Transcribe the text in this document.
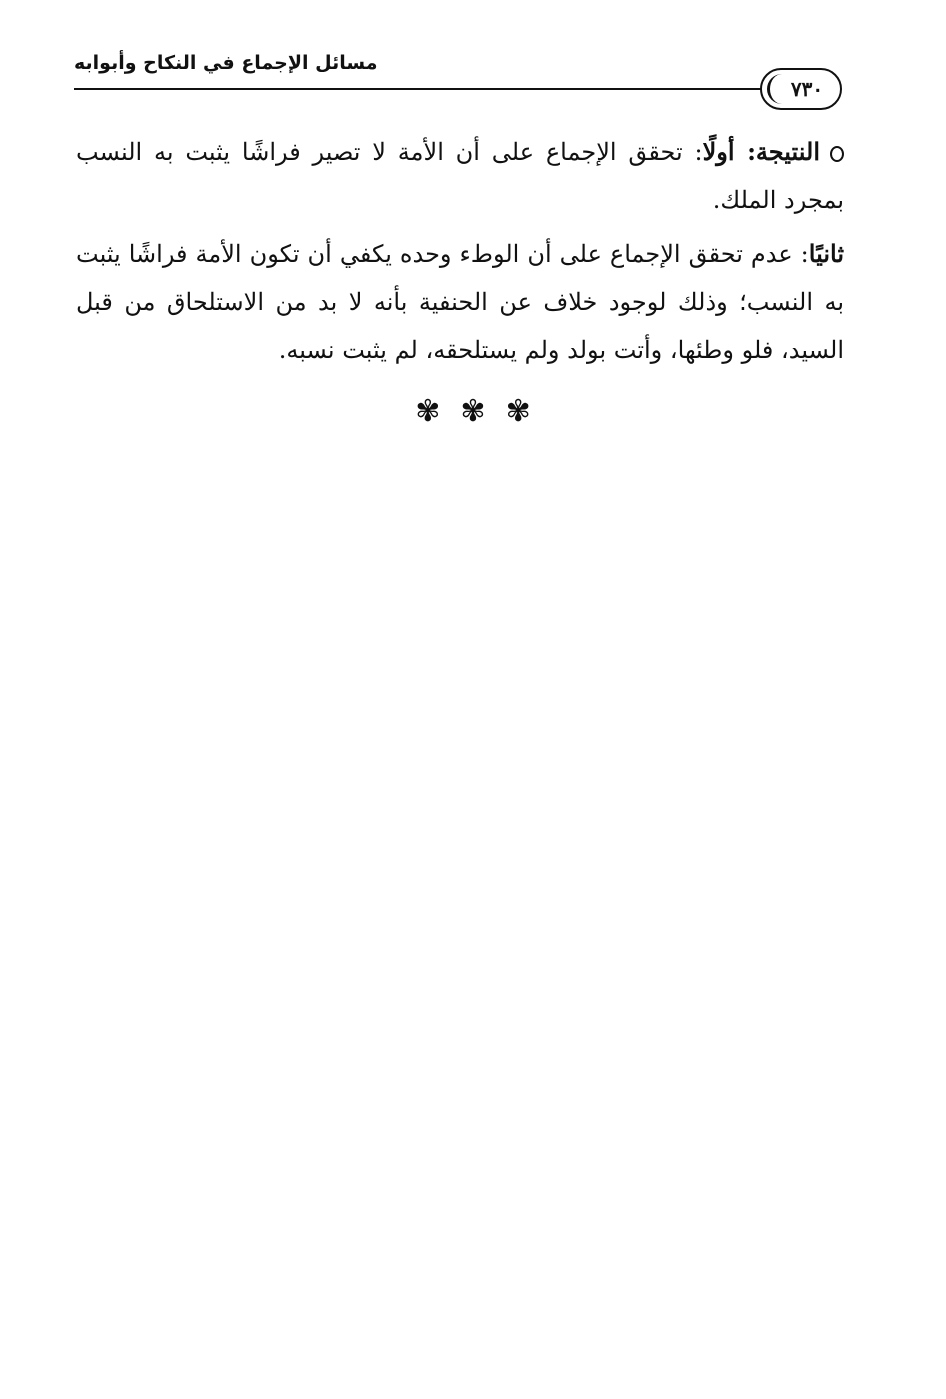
مسائل الإجماع في النكاح وأبوابه
٧٣٠

النتيجة: أولًا: تحقق الإجماع على أن الأمة لا تصير فراشًا يثبت به النسب بمجرد الملك.

ثانيًا: عدم تحقق الإجماع على أن الوطء وحده يكفي أن تكون الأمة فراشًا يثبت به النسب؛ وذلك لوجود خلاف عن الحنفية بأنه لا بد من الاستلحاق من قبل السيد، فلو وطئها، وأتت بولد ولم يستلحقه، لم يثبت نسبه.

✾ ✾ ✾
